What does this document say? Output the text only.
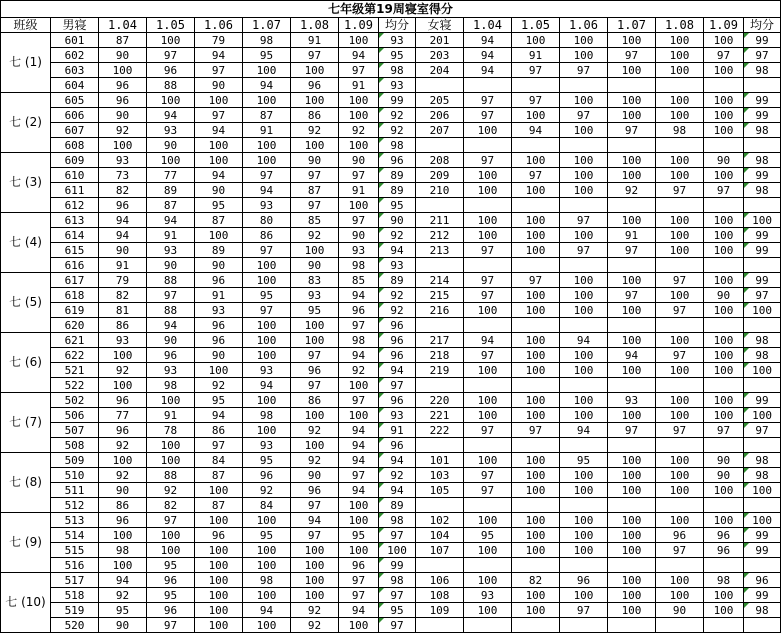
七年级第19周寝室得分																
班级	男寝	1.04	1.05	1.06	1.07	1.08	1.09	均分	女寝	1.04	1.05	1.06	1.07	1.08	1.09	均分
七 (1)	601	87	100	79	98	91	100	93	201	94	100	100	100	100	100	99
	602	90	97	94	95	97	94	95	203	94	91	100	97	100	97	97
	603	100	96	97	100	100	97	98	204	94	97	97	100	100	100	98
	604	96	88	90	94	96	91	93								
七 (2)	605	96	100	100	100	100	100	99	205	97	97	100	100	100	100	99
	606	90	94	97	87	86	100	92	206	97	100	97	100	100	100	99
	607	92	93	94	91	92	92	92	207	100	94	100	97	98	100	98
	608	100	90	100	100	100	100	98								
七 (3)	609	93	100	100	100	90	90	96	208	97	100	100	100	100	90	98
	610	73	77	94	97	97	97	89	209	100	97	100	100	100	100	99
	611	82	89	90	94	87	91	89	210	100	100	100	92	97	97	98
	612	96	87	95	93	97	100	95								
七 (4)	613	94	94	87	80	85	97	90	211	100	100	97	100	100	100	100
	614	94	91	100	86	92	90	92	212	100	100	100	91	100	100	99
	615	90	93	89	97	100	93	94	213	97	100	97	97	100	100	99
	616	91	90	90	100	90	98	93								
七 (5)	617	79	88	96	100	83	85	89	214	97	97	100	100	97	100	99
	618	82	97	91	95	93	94	92	215	97	100	100	97	100	90	97
	619	81	88	93	97	95	96	92	216	100	100	100	100	97	100	100
	620	86	94	96	100	100	97	96								
七 (6)	621	93	90	96	100	100	98	96	217	94	100	94	100	100	100	98
	622	100	96	90	100	97	94	96	218	97	100	100	94	97	100	98
	521	92	93	100	93	96	92	94	219	100	100	100	100	100	100	100
	522	100	98	92	94	97	100	97								
七 (7)	502	96	100	95	100	86	97	96	220	100	100	100	93	100	100	99
	506	77	91	94	98	100	100	93	221	100	100	100	100	100	100	100
	507	96	78	86	100	92	94	91	222	97	97	94	97	97	97	97
	508	92	100	97	93	100	94	96								
七 (8)	509	100	100	84	95	92	94	94	101	100	100	95	100	100	90	98
	510	92	88	87	96	90	97	92	103	97	100	100	100	100	90	98
	511	90	92	100	92	96	94	94	105	97	100	100	100	100	100	100
	512	86	82	87	84	97	100	89								
七 (9)	513	96	97	100	100	94	100	98	102	100	100	100	100	100	100	100
	514	100	100	96	95	97	95	97	104	95	100	100	100	96	96	99
	515	98	100	100	100	100	100	100	107	100	100	100	100	97	96	99
	516	100	95	100	100	100	96	99								
七 (10)	517	94	96	100	98	100	97	98	106	100	82	96	100	100	98	96
	518	92	95	100	100	100	97	97	108	93	100	100	100	100	100	99
	519	95	96	100	94	92	94	95	109	100	100	97	100	90	100	98
	520	90	97	100	100	92	100	97								
